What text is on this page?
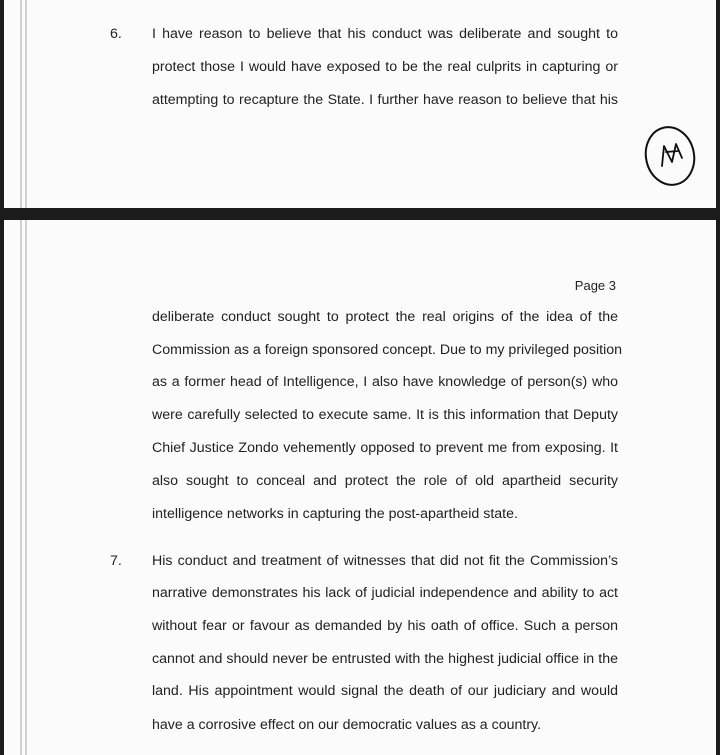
6. I have reason to believe that his conduct was deliberate and sought to
protect those I would have exposed to be the real culprits in capturing or
attempting to recapture the State. I further have reason to believe that his
Page 3
deliberate conduct sought to protect the real origins of the idea of the
Commission as a foreign sponsored concept. Due to my privileged position
as a former head of Intelligence, I also have knowledge of person(s) who
were carefully selected to execute same. It is this information that Deputy
Chief Justice Zondo vehemently opposed to prevent me from exposing. It
also sought to conceal and protect the role of old apartheid security
intelligence networks in capturing the post-apartheid state.
7. His conduct and treatment of witnesses that did not fit the Commission’s
narrative demonstrates his lack of judicial independence and ability to act
without fear or favour as demanded by his oath of office. Such a person
cannot and should never be entrusted with the highest judicial office in the
land. His appointment would signal the death of our judiciary and would
have a corrosive effect on our democratic values as a country.
